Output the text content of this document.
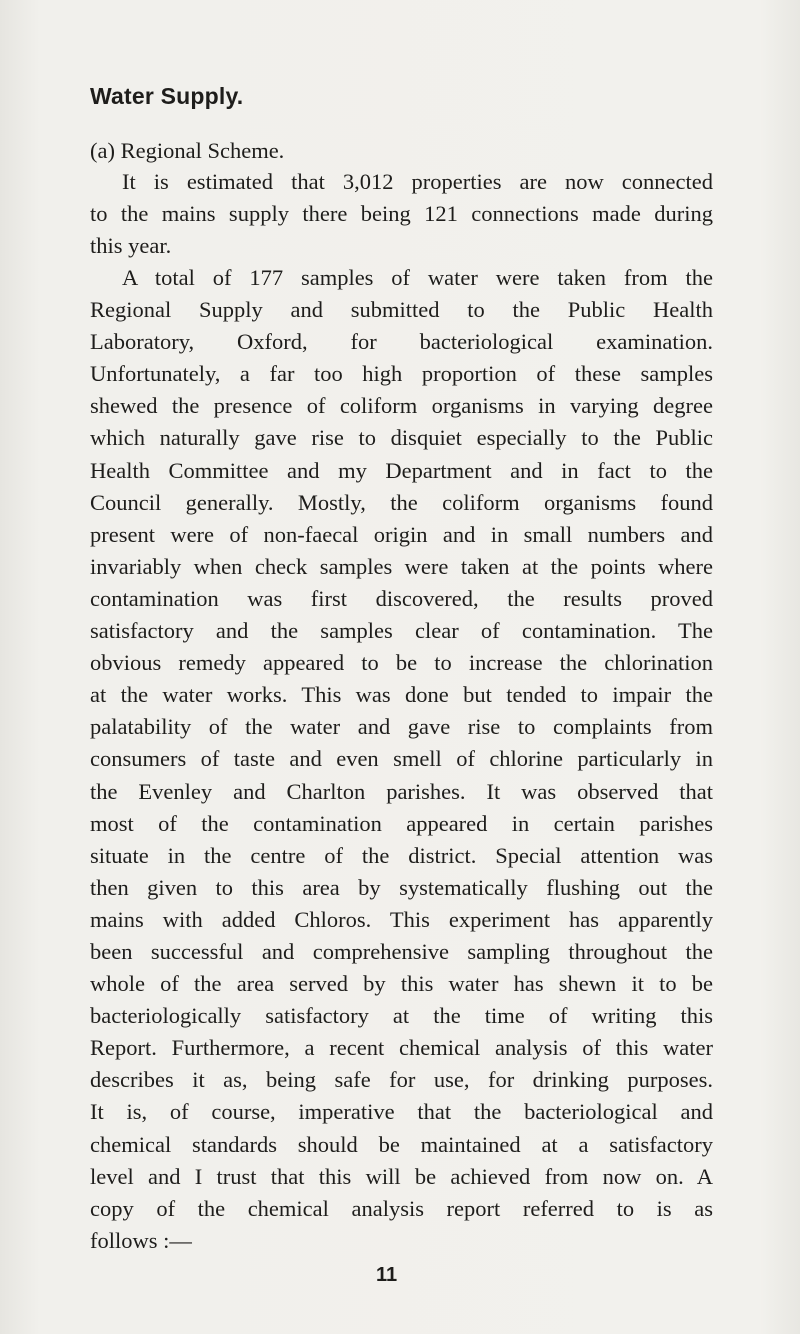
Water Supply.

(a) Regional Scheme.

It is estimated that 3,012 properties are now connected
to the mains supply there being 121 connections made during
this year.
A total of 177 samples of water were taken from the
Regional Supply and submitted to the Public Health
Laboratory, Oxford, for bacteriological examination.
Unfortunately, a far too high proportion of these samples
shewed the presence of coliform organisms in varying degree
which naturally gave rise to disquiet especially to the Public
Health Committee and my Department and in fact to the
Council generally. Mostly, the coliform organisms found
present were of non-faecal origin and in small numbers and
invariably when check samples were taken at the points where
contamination was first discovered, the results proved
satisfactory and the samples clear of contamination. The
obvious remedy appeared to be to increase the chlorination
at the water works. This was done but tended to impair the
palatability of the water and gave rise to complaints from
consumers of taste and even smell of chlorine particularly in
the Evenley and Charlton parishes. It was observed that
most of the contamination appeared in certain parishes
situate in the centre of the district. Special attention was
then given to this area by systematically flushing out the
mains with added Chloros. This experiment has apparently
been successful and comprehensive sampling throughout the
whole of the area served by this water has shewn it to be
bacteriologically satisfactory at the time of writing this
Report. Furthermore, a recent chemical analysis of this water
describes it as, being safe for use, for drinking purposes.
It is, of course, imperative that the bacteriological and
chemical standards should be maintained at a satisfactory
level and I trust that this will be achieved from now on. A
copy of the chemical analysis report referred to is as
follows :—

11
